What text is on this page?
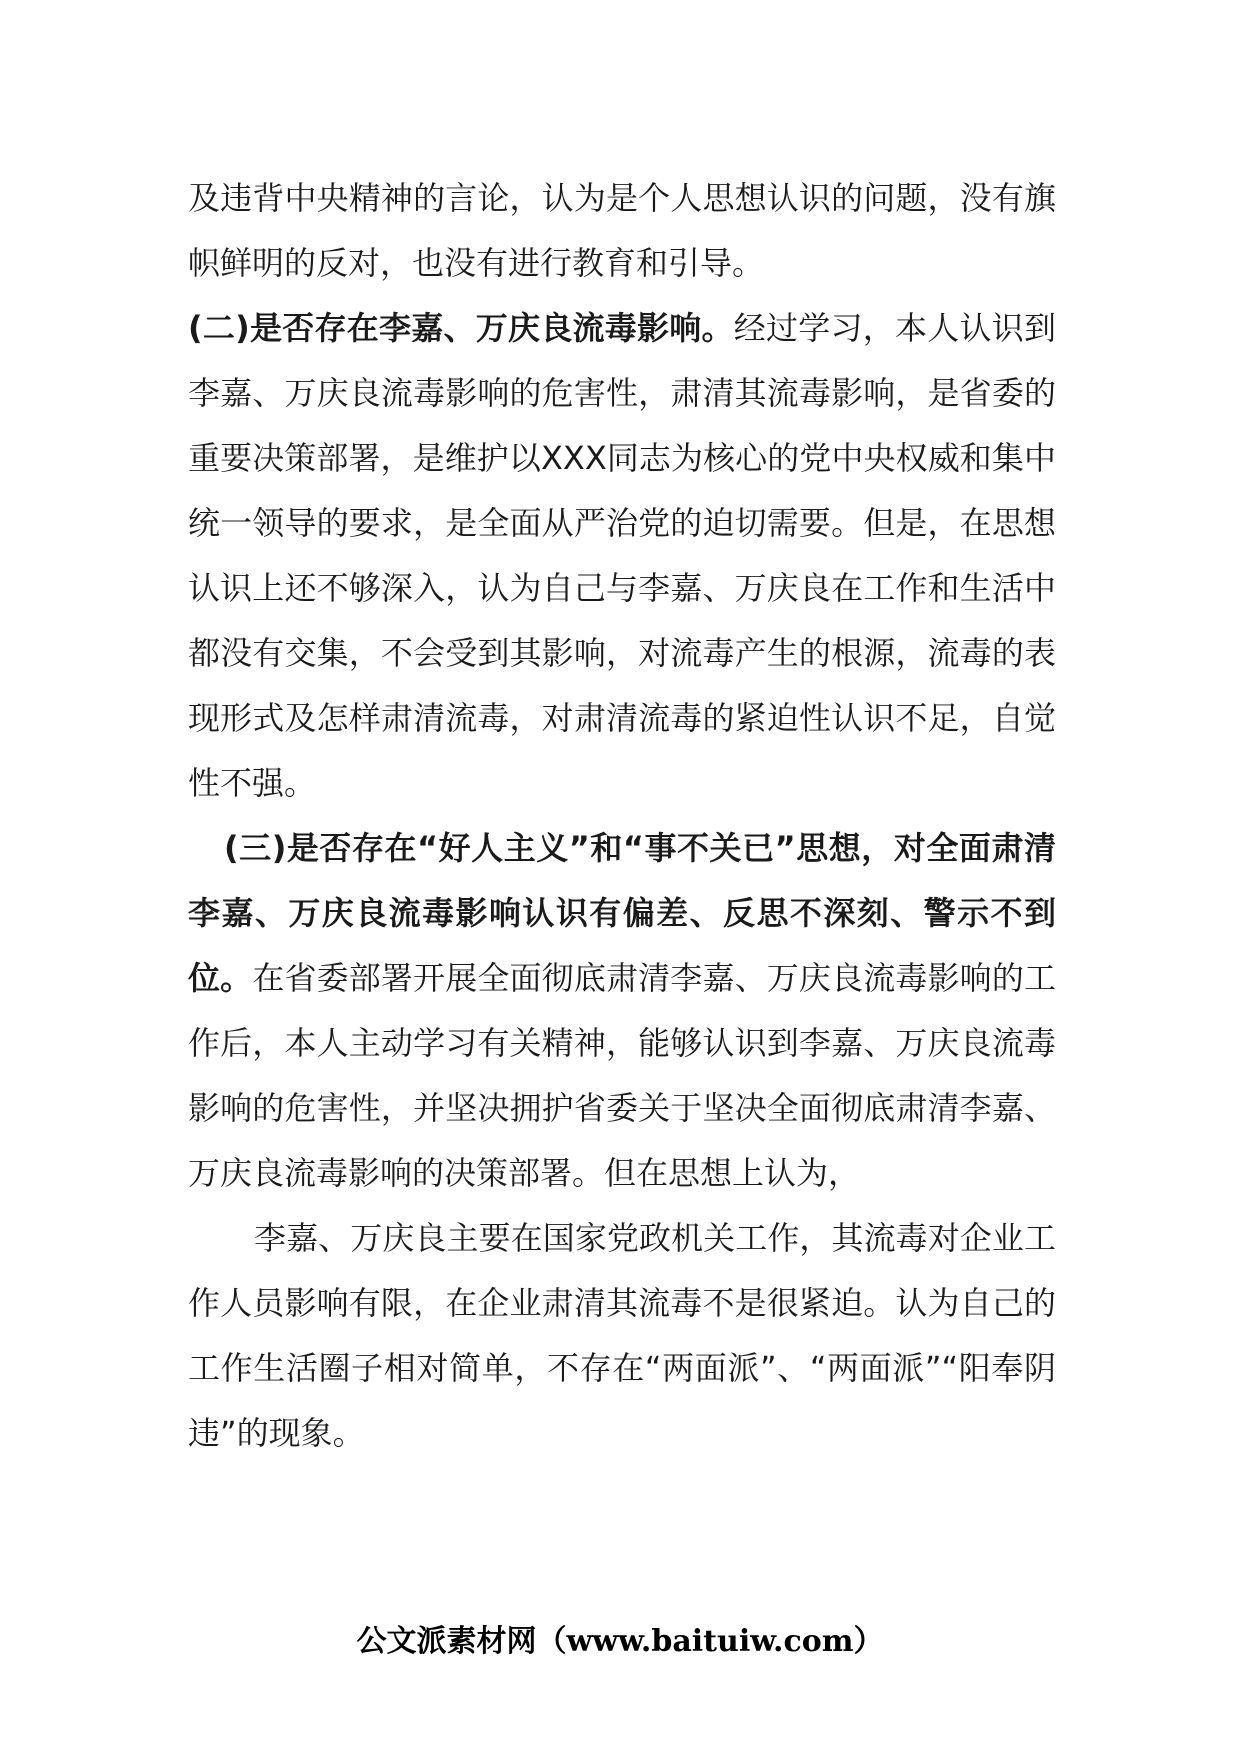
及违背中央精神的言论，认为是个人思想认识的问题，没有旗帜鲜明的反对，也没有进行教育和引导。

(二)是否存在李嘉、万庆良流毒影响。经过学习，本人认识到李嘉、万庆良流毒影响的危害性，肃清其流毒影响，是省委的重要决策部署，是维护以XXX同志为核心的党中央权威和集中统一领导的要求，是全面从严治党的迫切需要。但是，在思想认识上还不够深入，认为自己与李嘉、万庆良在工作和生活中都没有交集，不会受到其影响，对流毒产生的根源，流毒的表现形式及怎样肃清流毒，对肃清流毒的紧迫性认识不足，自觉性不强。

(三)是否存在“好人主义”和“事不关已”思想，对全面肃清李嘉、万庆良流毒影响认识有偏差、反思不深刻、警示不到位。在省委部署开展全面彻底肃清李嘉、万庆良流毒影响的工作后，本人主动学习有关精神，能够认识到李嘉、万庆良流毒影响的危害性，并坚决拥护省委关于坚决全面彻底肃清李嘉、万庆良流毒影响的决策部署。但在思想上认为，

李嘉、万庆良主要在国家党政机关工作，其流毒对企业工作人员影响有限，在企业肃清其流毒不是很紧迫。认为自己的工作生活圈子相对简单，不存在“两面派”、“两面派”“阳奉阴违”的现象。

公文派素材网（www.baituiw.com）
